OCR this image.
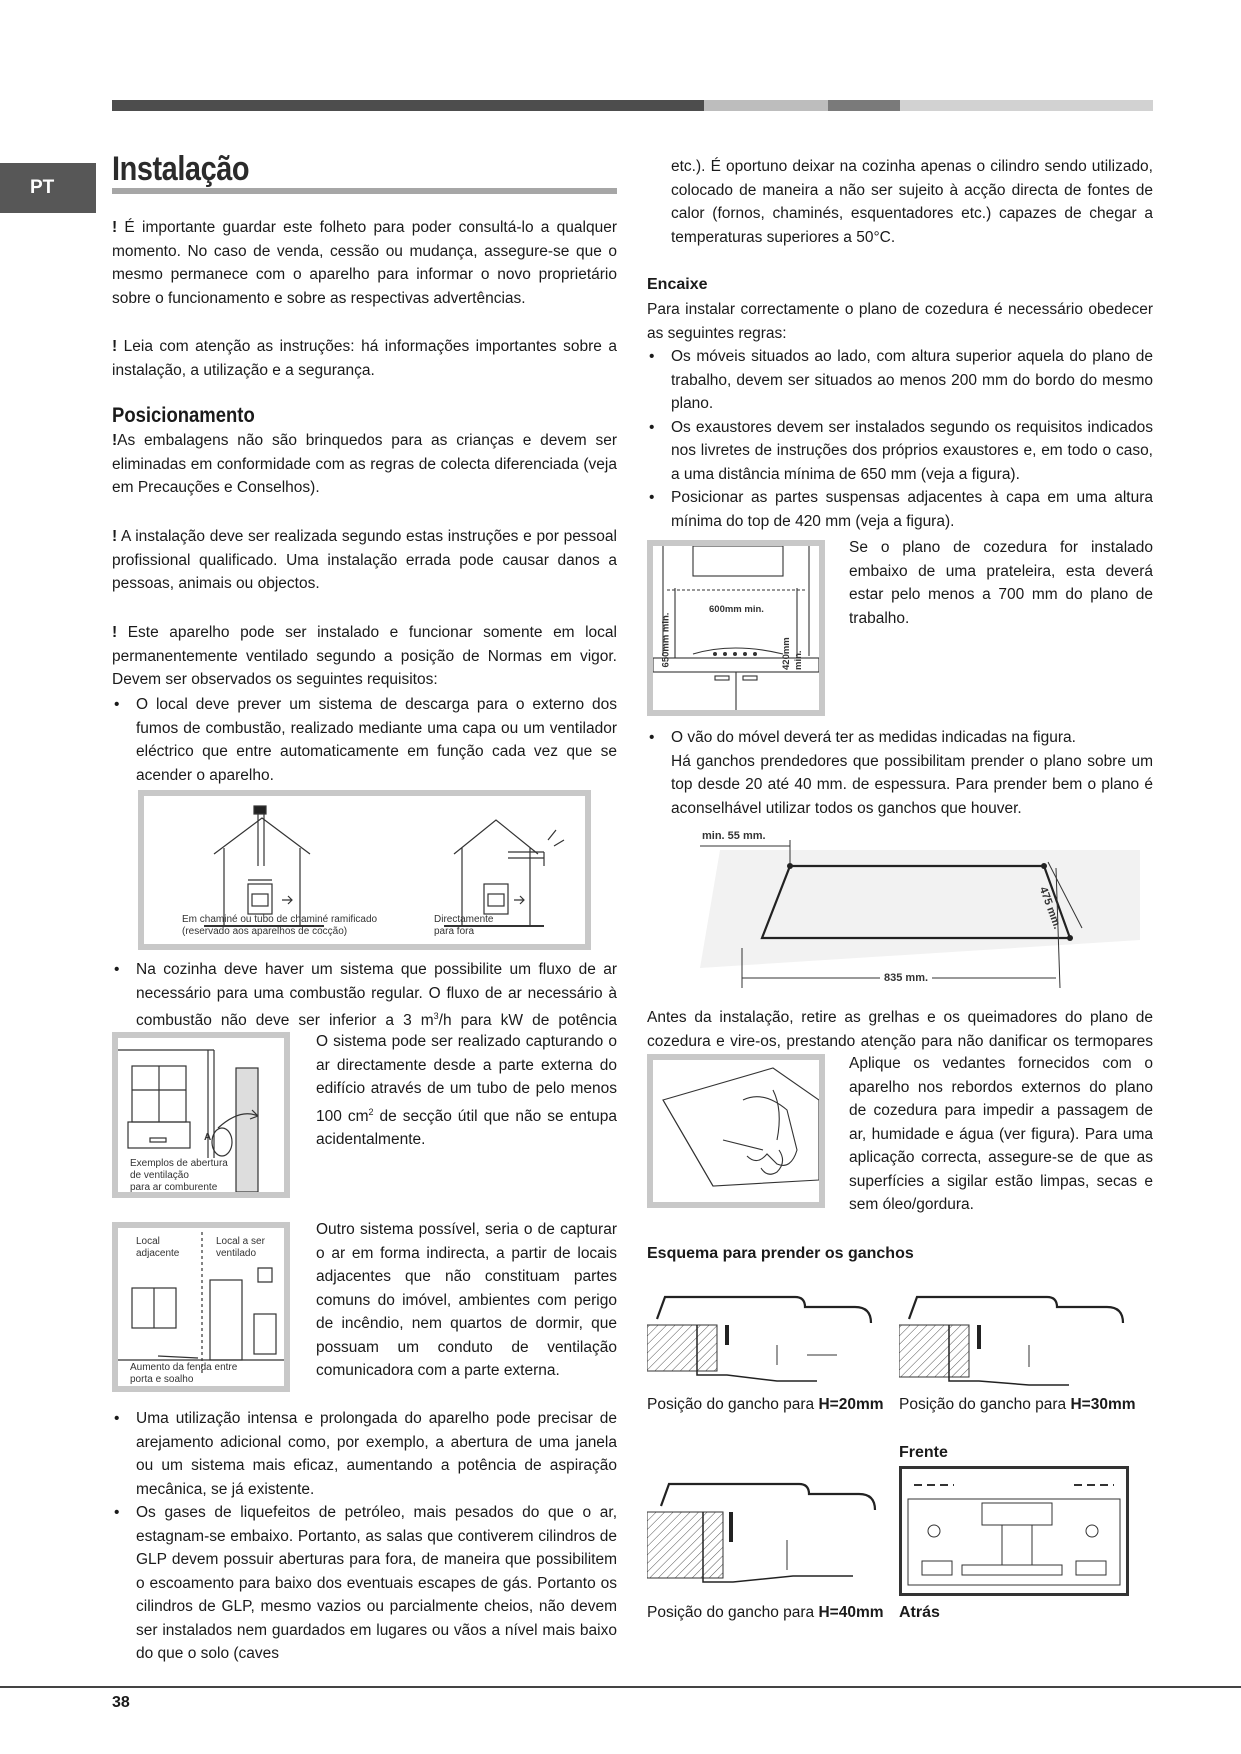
PT Instalação

! É importante guardar este folheto para poder consultá-lo a qualquer momento. No caso de venda, cessão ou mudança, assegure-se que o mesmo permanece com o aparelho para informar o novo proprietário sobre o funcionamento e sobre as respectivas advertências.

! Leia com atenção as instruções: há informações importantes sobre a instalação, a utilização e a segurança.

Posicionamento

!As embalagens não são brinquedos para as crianças e devem ser eliminadas em conformidade com as regras de colecta diferenciada (veja em Precauções e Conselhos).

! A instalação deve ser realizada segundo estas instruções e por pessoal profissional qualificado. Uma instalação errada pode causar danos a pessoas, animais ou objectos.

! Este aparelho pode ser instalado e funcionar somente em local permanentemente ventilado segundo a posição de Normas em vigor. Devem ser observados os seguintes requisitos:

• O local deve prever um sistema de descarga para o externo dos fumos de combustão, realizado mediante uma capa ou um ventilador eléctrico que entre automaticamente em função cada vez que se acender o aparelho.
Em chaminé ou tubo de chaminé ramificado
(reservado aos aparelhos de cocção)
Directamente
para fora
• Na cozinha deve haver um sistema que possibilite um fluxo de ar necessário para uma combustão regular. O fluxo de ar necessário à combustão não deve ser inferior a 3 $m^3/h$ para kW de potência
A
Exemplos de abertura
de ventilação
para ar comburente

O sistema pode ser realizado capturando o ar directamente desde a parte externa do edifício através de um tubo de pelo menos 100 $cm^2$ de secção útil que não se entupa acidentalmente.

Local
adjacente
Local a ser
ventilado
Aumento da fenda entre
porta e soalho

Outro sistema possível, seria o de capturar o ar em forma indirecta, a partir de locais adjacentes que não constituam partes comuns do imóvel, ambientes com perigo de incêndio, nem quartos de dormir, que possuam um conduto de ventilação comunicadora com a parte externa.

• Uma utilização intensa e prolongada do aparelho pode precisar de arejamento adicional como, por exemplo, a abertura de uma janela ou um sistema mais eficaz, aumentando a potência de aspiração mecânica, se já existente.
• Os gases de liquefeitos de petróleo, mais pesados do que o ar, estagnam-se embaixo. Portanto, as salas que contiverem cilindros de GLP devem possuir aberturas para fora, de maneira que possibilitem o escoamento para baixo dos eventuais escapes de gás. Portanto os cilindros de GLP, mesmo vazios ou parcialmente cheios, não devem ser instalados nem guardados em lugares ou vãos a nível mais baixo do que o solo (caves

etc.). É oportuno deixar na cozinha apenas o cilindro sendo utilizado, colocado de maneira a não ser sujeito à acção directa de fontes de calor (fornos, chaminés, esquentadores etc.) capazes de chegar a temperaturas superiores a 50°C.

Encaixe

Para instalar correctamente o plano de cozedura é necessário obedecer as seguintes regras:

• Os móveis situados ao lado, com altura superior aquela do plano de trabalho, devem ser situados ao menos 200 mm do bordo do mesmo plano.
• Os exaustores devem ser instalados segundo os requisitos indicados nos livretes de instruções dos próprios exaustores e, em todo o caso, a uma distância mínima de 650 mm (veja a figura).
• Posicionar as partes suspensas adjacentes à capa em uma altura mínima do top de 420 mm (veja a figura).
600mm min.
650mm min.	420mm min.

Se o plano de cozedura for instalado embaixo de uma prateleira, esta deverá estar pelo menos a 700 mm do plano de trabalho.

• O vão do móvel deverá ter as medidas indicadas na figura.
Há ganchos prendedores que possibilitam prender o plano sobre um top desde 20 até 40 mm. de espessura. Para prender bem o plano é aconselhável utilizar todos os ganchos que houver.
min. 55 mm.
475 mm.
835 mm.

Antes da instalação, retire as grelhas e os queimadores do plano de cozedura e vire-os, prestando atenção para não danificar os termopares

Aplique os vedantes fornecidos com o aparelho nos rebordos externos do plano de cozedura para impedir a passagem de ar, humidade e água (ver figura). Para uma aplicação correcta, assegure-se de que as superfícies a sigilar estão limpas, secas e sem óleo/gordura.

Esquema para prender os ganchos
Posição do gancho para H=20mm Posição do gancho para H=30mm
Frente
Posição do gancho para H=40mm Atrás
38
